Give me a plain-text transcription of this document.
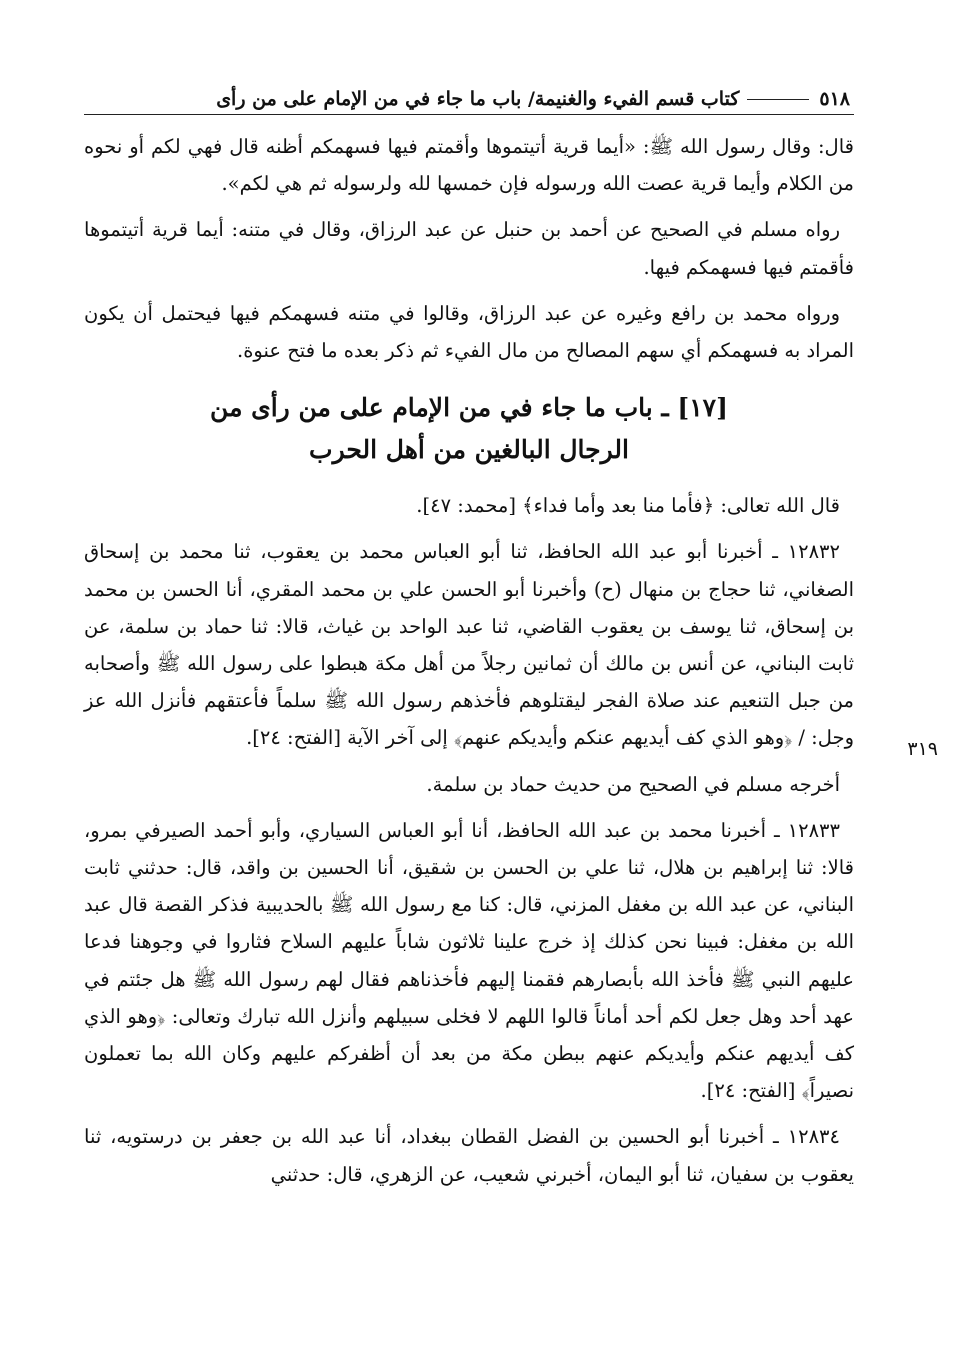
٥١٨
كتاب قسم الفيء والغنيمة/ باب ما جاء في من الإمام على من رأى

قال: وقال رسول الله ﷺ: «أيما قرية أتيتموها وأقمتم فيها فسهمكم أظنه قال فهي لكم أو نحوه من الكلام وأيما قرية عصت الله ورسوله فإن خمسها لله ولرسوله ثم هي لكم».

رواه مسلم في الصحيح عن أحمد بن حنبل عن عبد الرزاق، وقال في متنه: أيما قرية أتيتموها فأقمتم فيها فسهمكم فيها.

ورواه محمد بن رافع وغيره عن عبد الرزاق، وقالوا في متنه فسهمكم فيها فيحتمل أن يكون المراد به فسهمكم أي سهم المصالح من مال الفيء ثم ذكر بعده ما فتح عنوة.

[١٧] ـ باب ما جاء في من الإمام على من رأى من
الرجال البالغين من أهل الحرب

قال الله تعالى: ﴿فأما منا بعد وأما فداء﴾ [محمد: ٤٧].

١٢٨٣٢ ـ أخبرنا أبو عبد الله الحافظ، ثنا أبو العباس محمد بن يعقوب، ثنا محمد بن إسحاق الصغاني، ثنا حجاج بن منهال (ح) وأخبرنا أبو الحسن علي بن محمد المقري، أنا الحسن بن محمد بن إسحاق، ثنا يوسف بن يعقوب القاضي، ثنا عبد الواحد بن غياث، قالا: ثنا حماد بن سلمة، عن ثابت البناني، عن أنس بن مالك أن ثمانين رجلاً من أهل مكة هبطوا على رسول الله ﷺ وأصحابه من جبل التنعيم عند صلاة الفجر ليقتلوهم فأخذهم رسول الله ﷺ سلماً فأعتقهم فأنزل الله عز وجل: / ﴿وهو الذي كف أيديهم عنكم وأيديكم عنهم﴾ إلى آخر الآية [الفتح: ٢٤].

أخرجه مسلم في الصحيح من حديث حماد بن سلمة.

١٢٨٣٣ ـ أخبرنا محمد بن عبد الله الحافظ، أنا أبو العباس السياري، وأبو أحمد الصيرفي بمرو، قالا: ثنا إبراهيم بن هلال، ثنا علي بن الحسن بن شقيق، أنا الحسين بن واقد، قال: حدثني ثابت البناني، عن عبد الله بن مغفل المزني، قال: كنا مع رسول الله ﷺ بالحديبية فذكر القصة قال عبد الله بن مغفل: فبينا نحن كذلك إذ خرج علينا ثلاثون شاباً عليهم السلاح فثاروا في وجوهنا فدعا عليهم النبي ﷺ فأخذ الله بأبصارهم فقمنا إليهم فأخذناهم فقال لهم رسول الله ﷺ هل جئتم في عهد أحد وهل جعل لكم أحد أماناً قالوا اللهم لا فخلى سبيلهم وأنزل الله تبارك وتعالى: ﴿وهو الذي كف أيديهم عنكم وأيديكم عنهم ببطن مكة من بعد أن أظفركم عليهم وكان الله بما تعملون نصيراً﴾ [الفتح: ٢٤].

١٢٨٣٤ ـ أخبرنا أبو الحسين بن الفضل القطان ببغداد، أنا عبد الله بن جعفر بن درستويه، ثنا يعقوب بن سفيان، ثنا أبو اليمان، أخبرني شعيب، عن الزهري، قال: حدثني

٣١٩
